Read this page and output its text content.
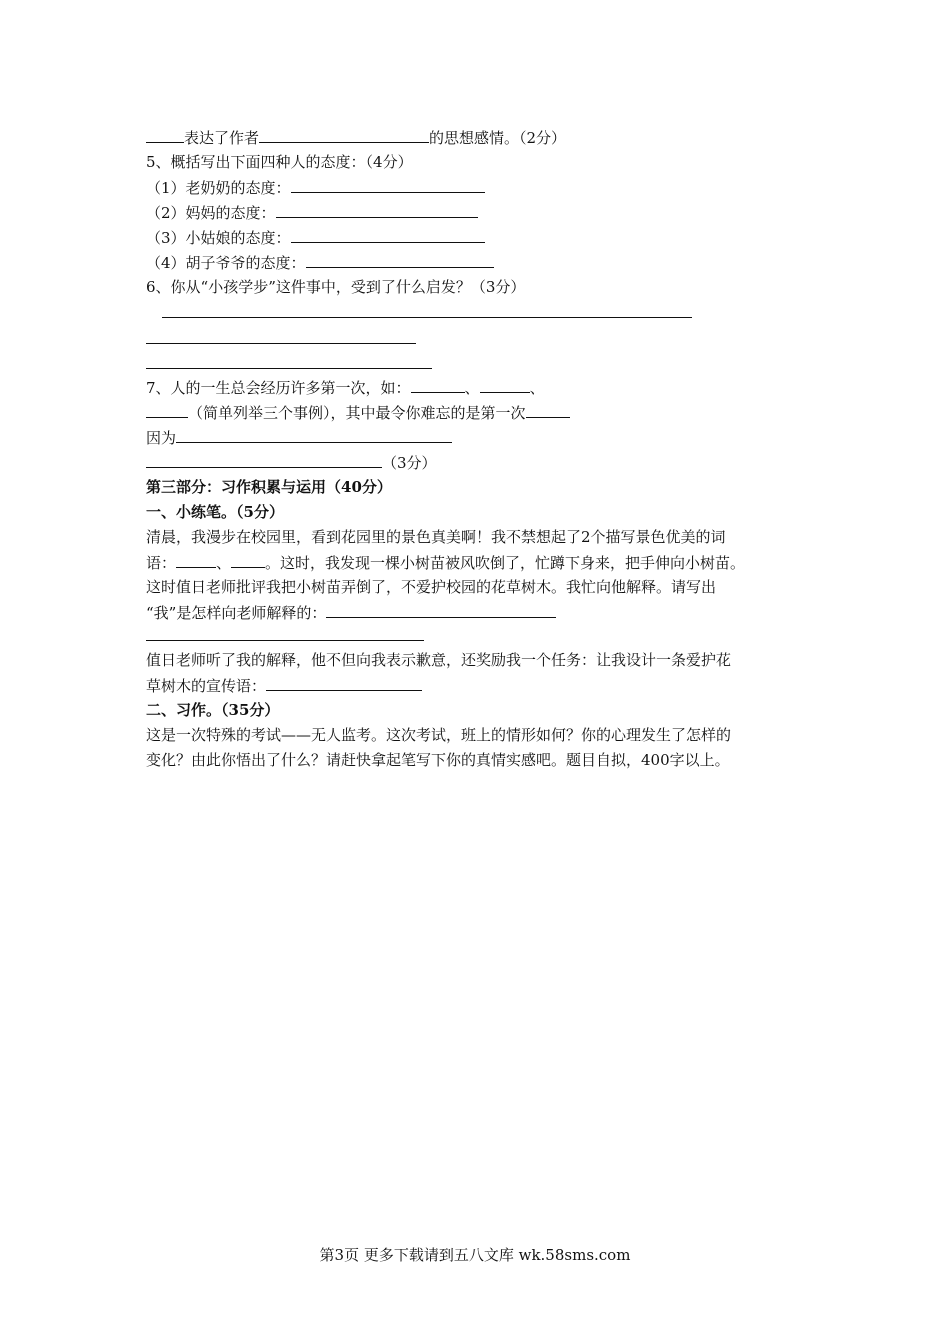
表达了作者	的思想感情。（2分）
5、概括写出下面四种人的态度：（4分）
（1）老奶奶的态度：
（2）妈妈的态度：
（3）小姑娘的态度：
（4）胡子爷爷的态度：
6、你从“小孩学步”这件事中，受到了什么启发？（3分）
7、人的一生总会经历许多第一次，如：	、	、
（简单列举三个事例），其中最令你难忘的是第一次
因为
（3分）
第三部分：习作积累与运用（40分）
一、小练笔。（5分）
清晨，我漫步在校园里，看到花园里的景色真美啊！我不禁想起了2个描写景色优美的词
语：	、 。这时，我发现一棵小树苗被风吹倒了，忙蹲下身来，把手伸向小树苗。
这时值日老师批评我把小树苗弄倒了，不爱护校园的花草树木。我忙向他解释。请写出
“我”是怎样向老师解释的：
值日老师听了我的解释，他不但向我表示歉意，还奖励我一个任务：让我设计一条爱护花
草树木的宣传语：
二、习作。（35分）
这是一次特殊的考试——无人监考。这次考试，班上的情形如何？你的心理发生了怎样的
变化？由此你悟出了什么？请赶快拿起笔写下你的真情实感吧。题目自拟，400字以上。
第3页 更多下载请到五八文库 wk.58sms.com
